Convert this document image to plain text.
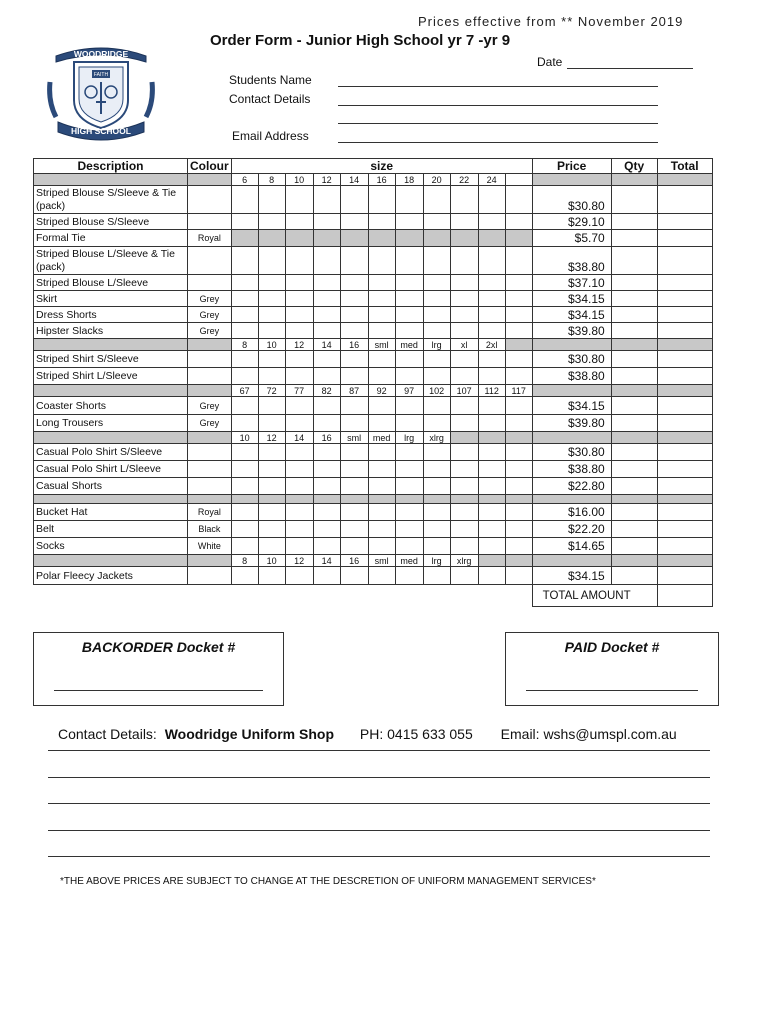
Prices effective from ** November 2019
Order Form - Junior High School yr 7 -yr 9
Date
WOODRIDGE
FAITH
HIGH SCHOOL
Students Name
Contact Details
Email Address
Description	Colour	size											Price	Qty	Total
		6	8	10	12	14	16	18	20	22	24				
Striped Blouse S/Sleeve & Tie (pack)													$30.80		
Striped Blouse S/Sleeve													$29.10		
Formal Tie	Royal												$5.70		
Striped Blouse L/Sleeve & Tie (pack)													$38.80		
Striped Blouse L/Sleeve													$37.10		
Skirt	Grey												$34.15		
Dress Shorts	Grey												$34.15		
Hipster Slacks	Grey												$39.80		
		8	10	12	14	16	sml	med	lrg	xl	2xl				
Striped Shirt S/Sleeve													$30.80		
Striped Shirt L/Sleeve													$38.80		
		67	72	77	82	87	92	97	102	107	112	117			
Coaster Shorts	Grey												$34.15		
Long Trousers	Grey												$39.80		
		10	12	14	16	sml	med	lrg	xlrg						
Casual Polo Shirt S/Sleeve													$30.80		
Casual Polo Shirt L/Sleeve													$38.80		
Casual Shorts													$22.80		

Bucket Hat	Royal												$16.00		
Belt	Black												$22.20		
Socks	White												$14.65		
		8	10	12	14	16	sml	med	lrg	xlrg					
Polar Fleecy Jackets													$34.15		
													TOTAL AMOUNT		
BACKORDER Docket #	PAID Docket #
Contact Details: Woodridge Uniform Shop PH: 0415 633 055 Email: wshs@umspl.com.au
*THE ABOVE PRICES ARE SUBJECT TO CHANGE AT THE DESCRETION OF UNIFORM MANAGEMENT SERVICES*
